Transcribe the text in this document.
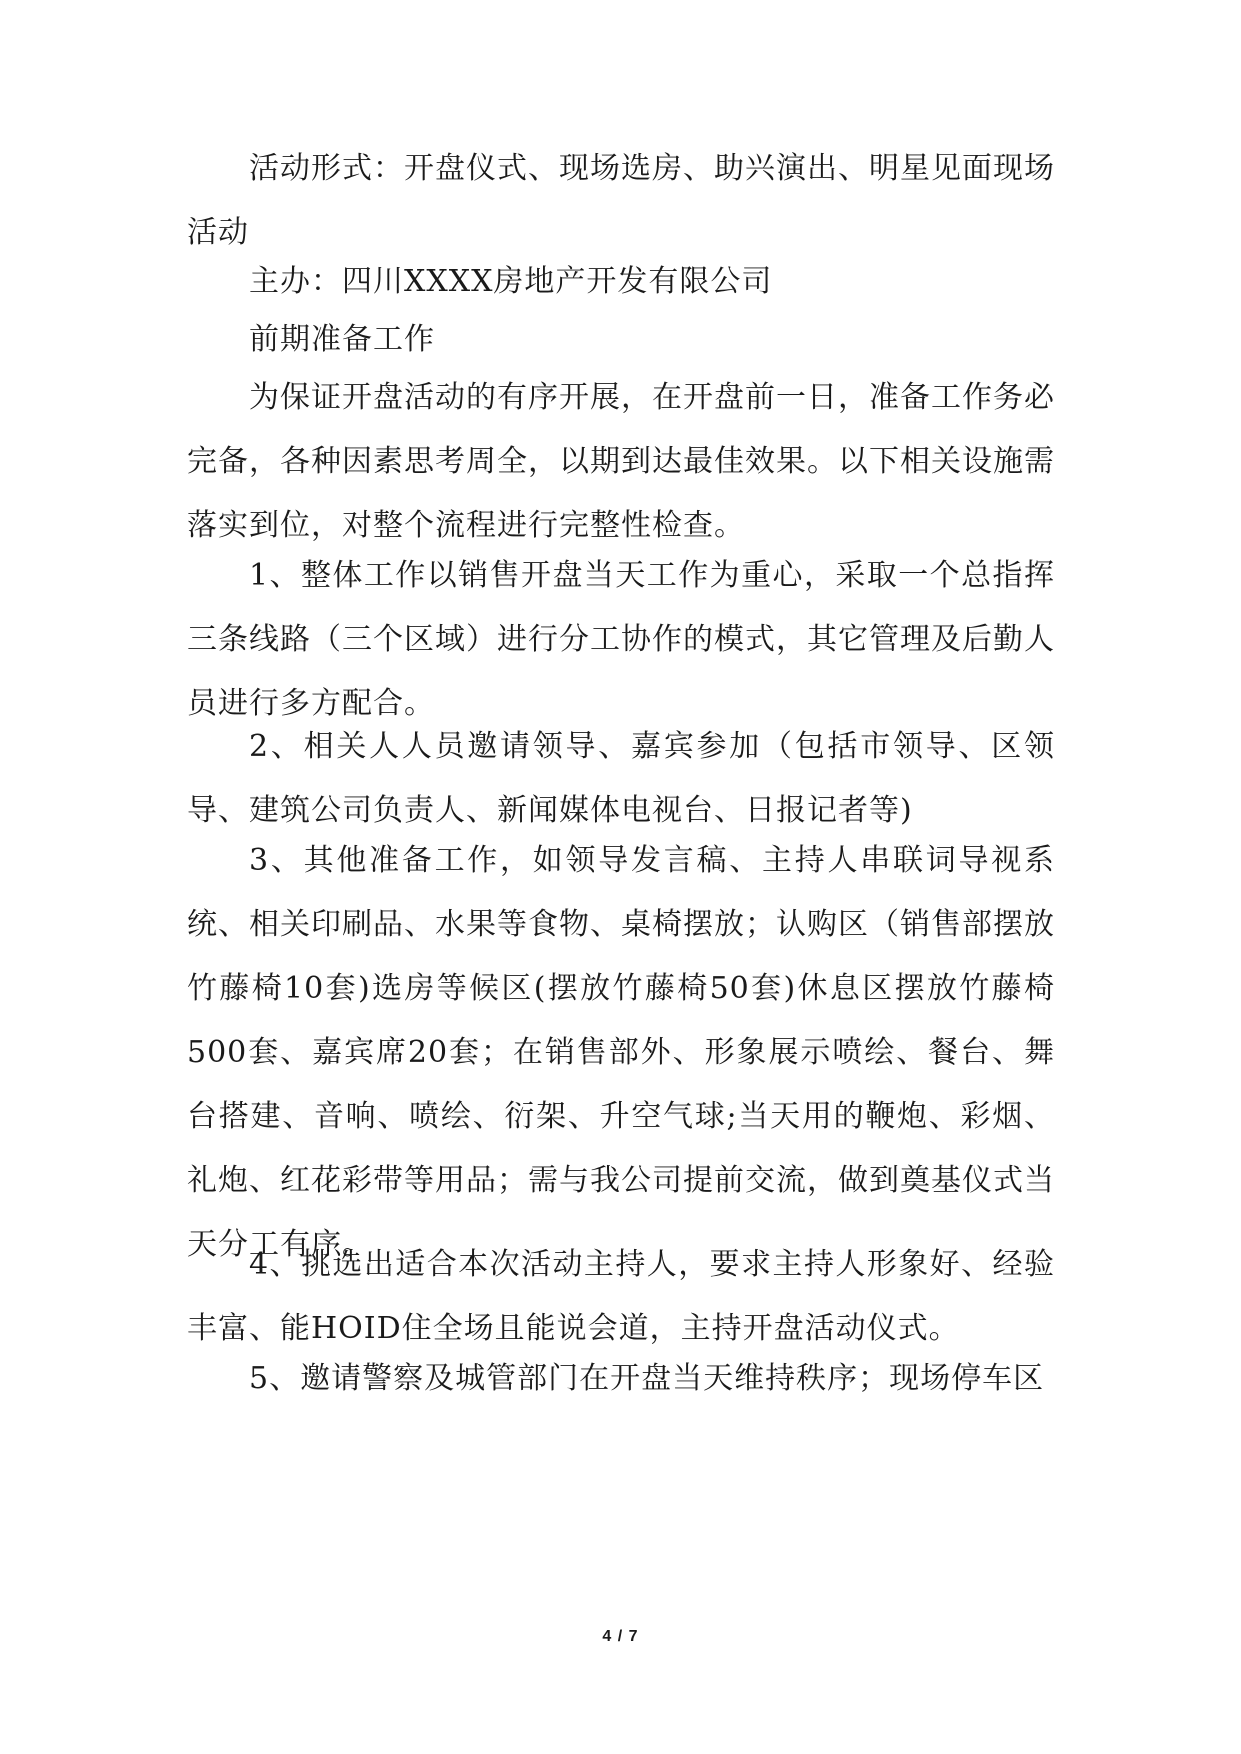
活动形式：开盘仪式、现场选房、助兴演出、明星见面现场活动

主办：四川XXXX房地产开发有限公司

前期准备工作

为保证开盘活动的有序开展，在开盘前一日，准备工作务必完备，各种因素思考周全，以期到达最佳效果。以下相关设施需落实到位，对整个流程进行完整性检查。

1、整体工作以销售开盘当天工作为重心，采取一个总指挥三条线路（三个区域）进行分工协作的模式，其它管理及后勤人员进行多方配合。

2、相关人人员邀请领导、嘉宾参加（包括市领导、区领导、建筑公司负责人、新闻媒体电视台、日报记者等)

3、其他准备工作，如领导发言稿、主持人串联词导视系统、相关印刷品、水果等食物、桌椅摆放；认购区（销售部摆放竹藤椅10套)选房等候区(摆放竹藤椅50套)休息区摆放竹藤椅500套、嘉宾席20套；在销售部外、形象展示喷绘、餐台、舞台搭建、音响、喷绘、衍架、升空气球;当天用的鞭炮、彩烟、礼炮、红花彩带等用品；需与我公司提前交流，做到奠基仪式当天分工有序。

4、挑选出适合本次活动主持人，要求主持人形象好、经验丰富、能HOID住全场且能说会道，主持开盘活动仪式。

5、邀请警察及城管部门在开盘当天维持秩序；现场停车区

4 / 7
